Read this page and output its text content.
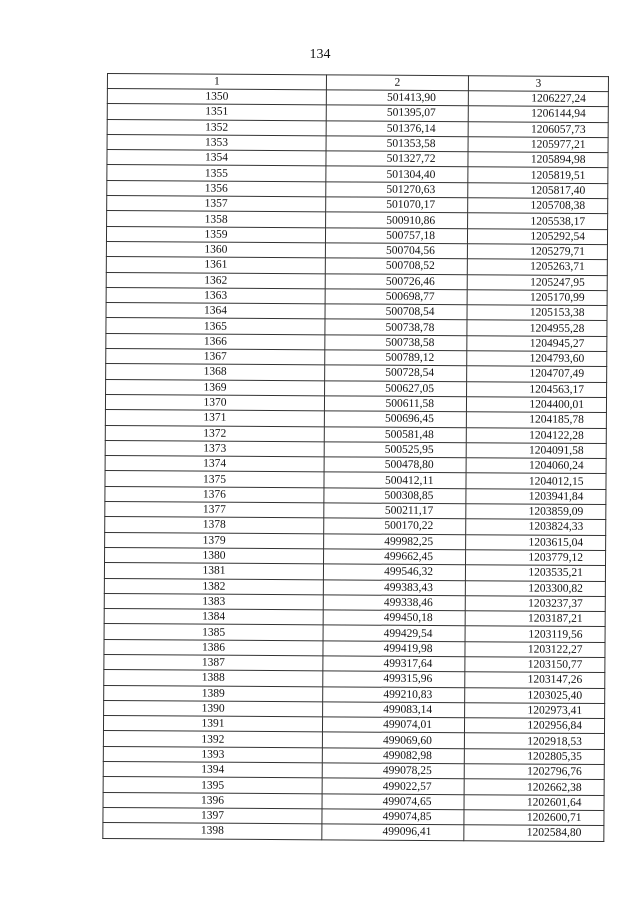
134
1	2	3
1350	501413,90	1206227,24
1351	501395,07	1206144,94
1352	501376,14	1206057,73
1353	501353,58	1205977,21
1354	501327,72	1205894,98
1355	501304,40	1205819,51
1356	501270,63	1205817,40
1357	501070,17	1205708,38
1358	500910,86	1205538,17
1359	500757,18	1205292,54
1360	500704,56	1205279,71
1361	500708,52	1205263,71
1362	500726,46	1205247,95
1363	500698,77	1205170,99
1364	500708,54	1205153,38
1365	500738,78	1204955,28
1366	500738,58	1204945,27
1367	500789,12	1204793,60
1368	500728,54	1204707,49
1369	500627,05	1204563,17
1370	500611,58	1204400,01
1371	500696,45	1204185,78
1372	500581,48	1204122,28
1373	500525,95	1204091,58
1374	500478,80	1204060,24
1375	500412,11	1204012,15
1376	500308,85	1203941,84
1377	500211,17	1203859,09
1378	500170,22	1203824,33
1379	499982,25	1203615,04
1380	499662,45	1203779,12
1381	499546,32	1203535,21
1382	499383,43	1203300,82
1383	499338,46	1203237,37
1384	499450,18	1203187,21
1385	499429,54	1203119,56
1386	499419,98	1203122,27
1387	499317,64	1203150,77
1388	499315,96	1203147,26
1389	499210,83	1203025,40
1390	499083,14	1202973,41
1391	499074,01	1202956,84
1392	499069,60	1202918,53
1393	499082,98	1202805,35
1394	499078,25	1202796,76
1395	499022,57	1202662,38
1396	499074,65	1202601,64
1397	499074,85	1202600,71
1398	499096,41	1202584,80
